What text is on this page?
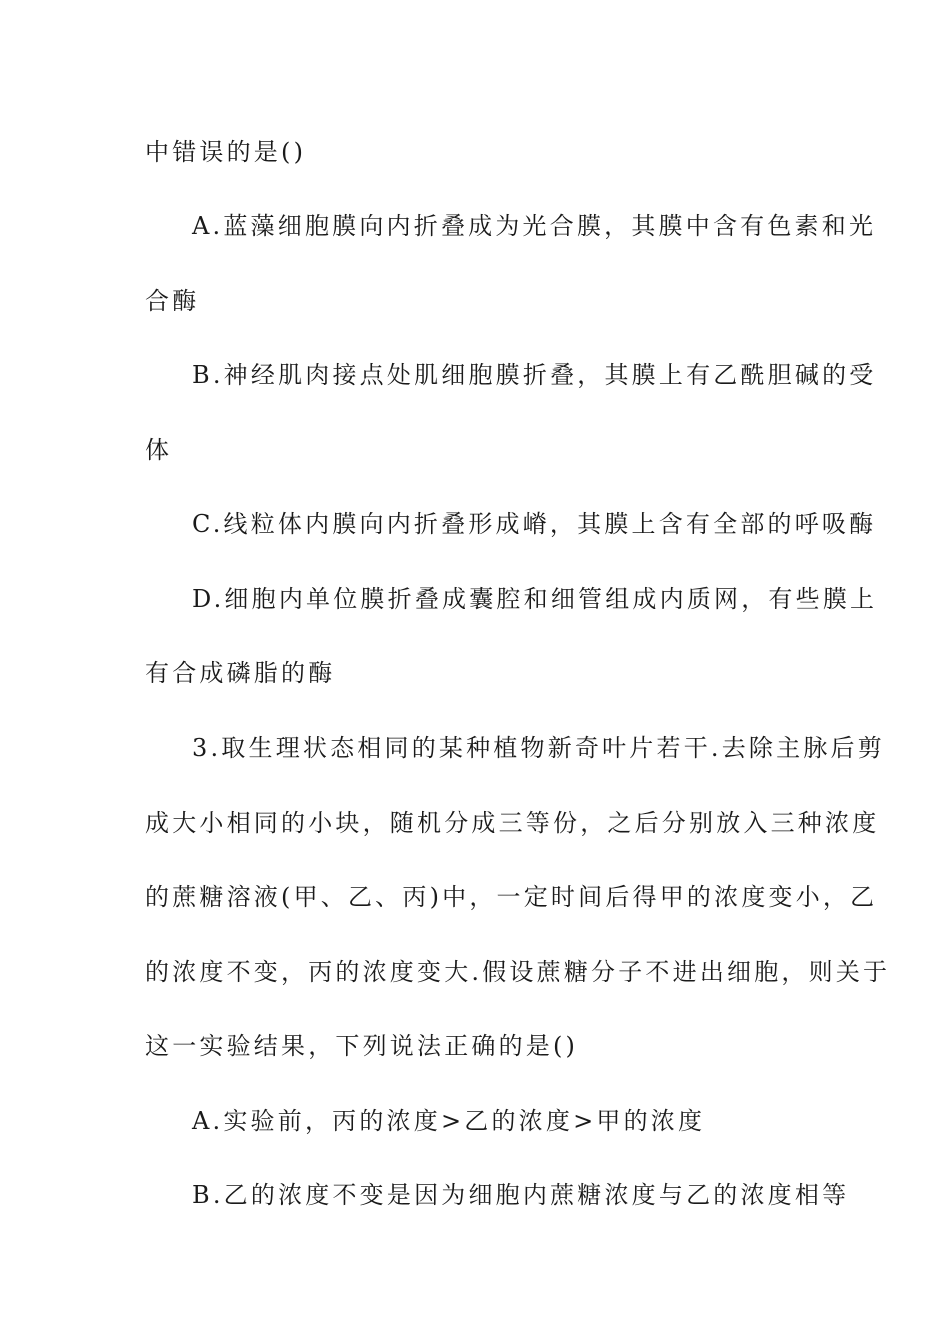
中错误的是()
A.蓝藻细胞膜向内折叠成为光合膜，其膜中含有色素和光
合酶
B.神经肌肉接点处肌细胞膜折叠，其膜上有乙酰胆碱的受
体
C.线粒体内膜向内折叠形成嵴，其膜上含有全部的呼吸酶
D.细胞内单位膜折叠成囊腔和细管组成内质网，有些膜上
有合成磷脂的酶
3.取生理状态相同的某种植物新奇叶片若干.去除主脉后剪
成大小相同的小块，随机分成三等份，之后分别放入三种浓度
的蔗糖溶液(甲、乙、丙)中，一定时间后得甲的浓度变小，乙
的浓度不变，丙的浓度变大.假设蔗糖分子不进出细胞，则关于
这一实验结果，下列说法正确的是()
A.实验前，丙的浓度>乙的浓度>甲的浓度
B.乙的浓度不变是因为细胞内蔗糖浓度与乙的浓度相等
